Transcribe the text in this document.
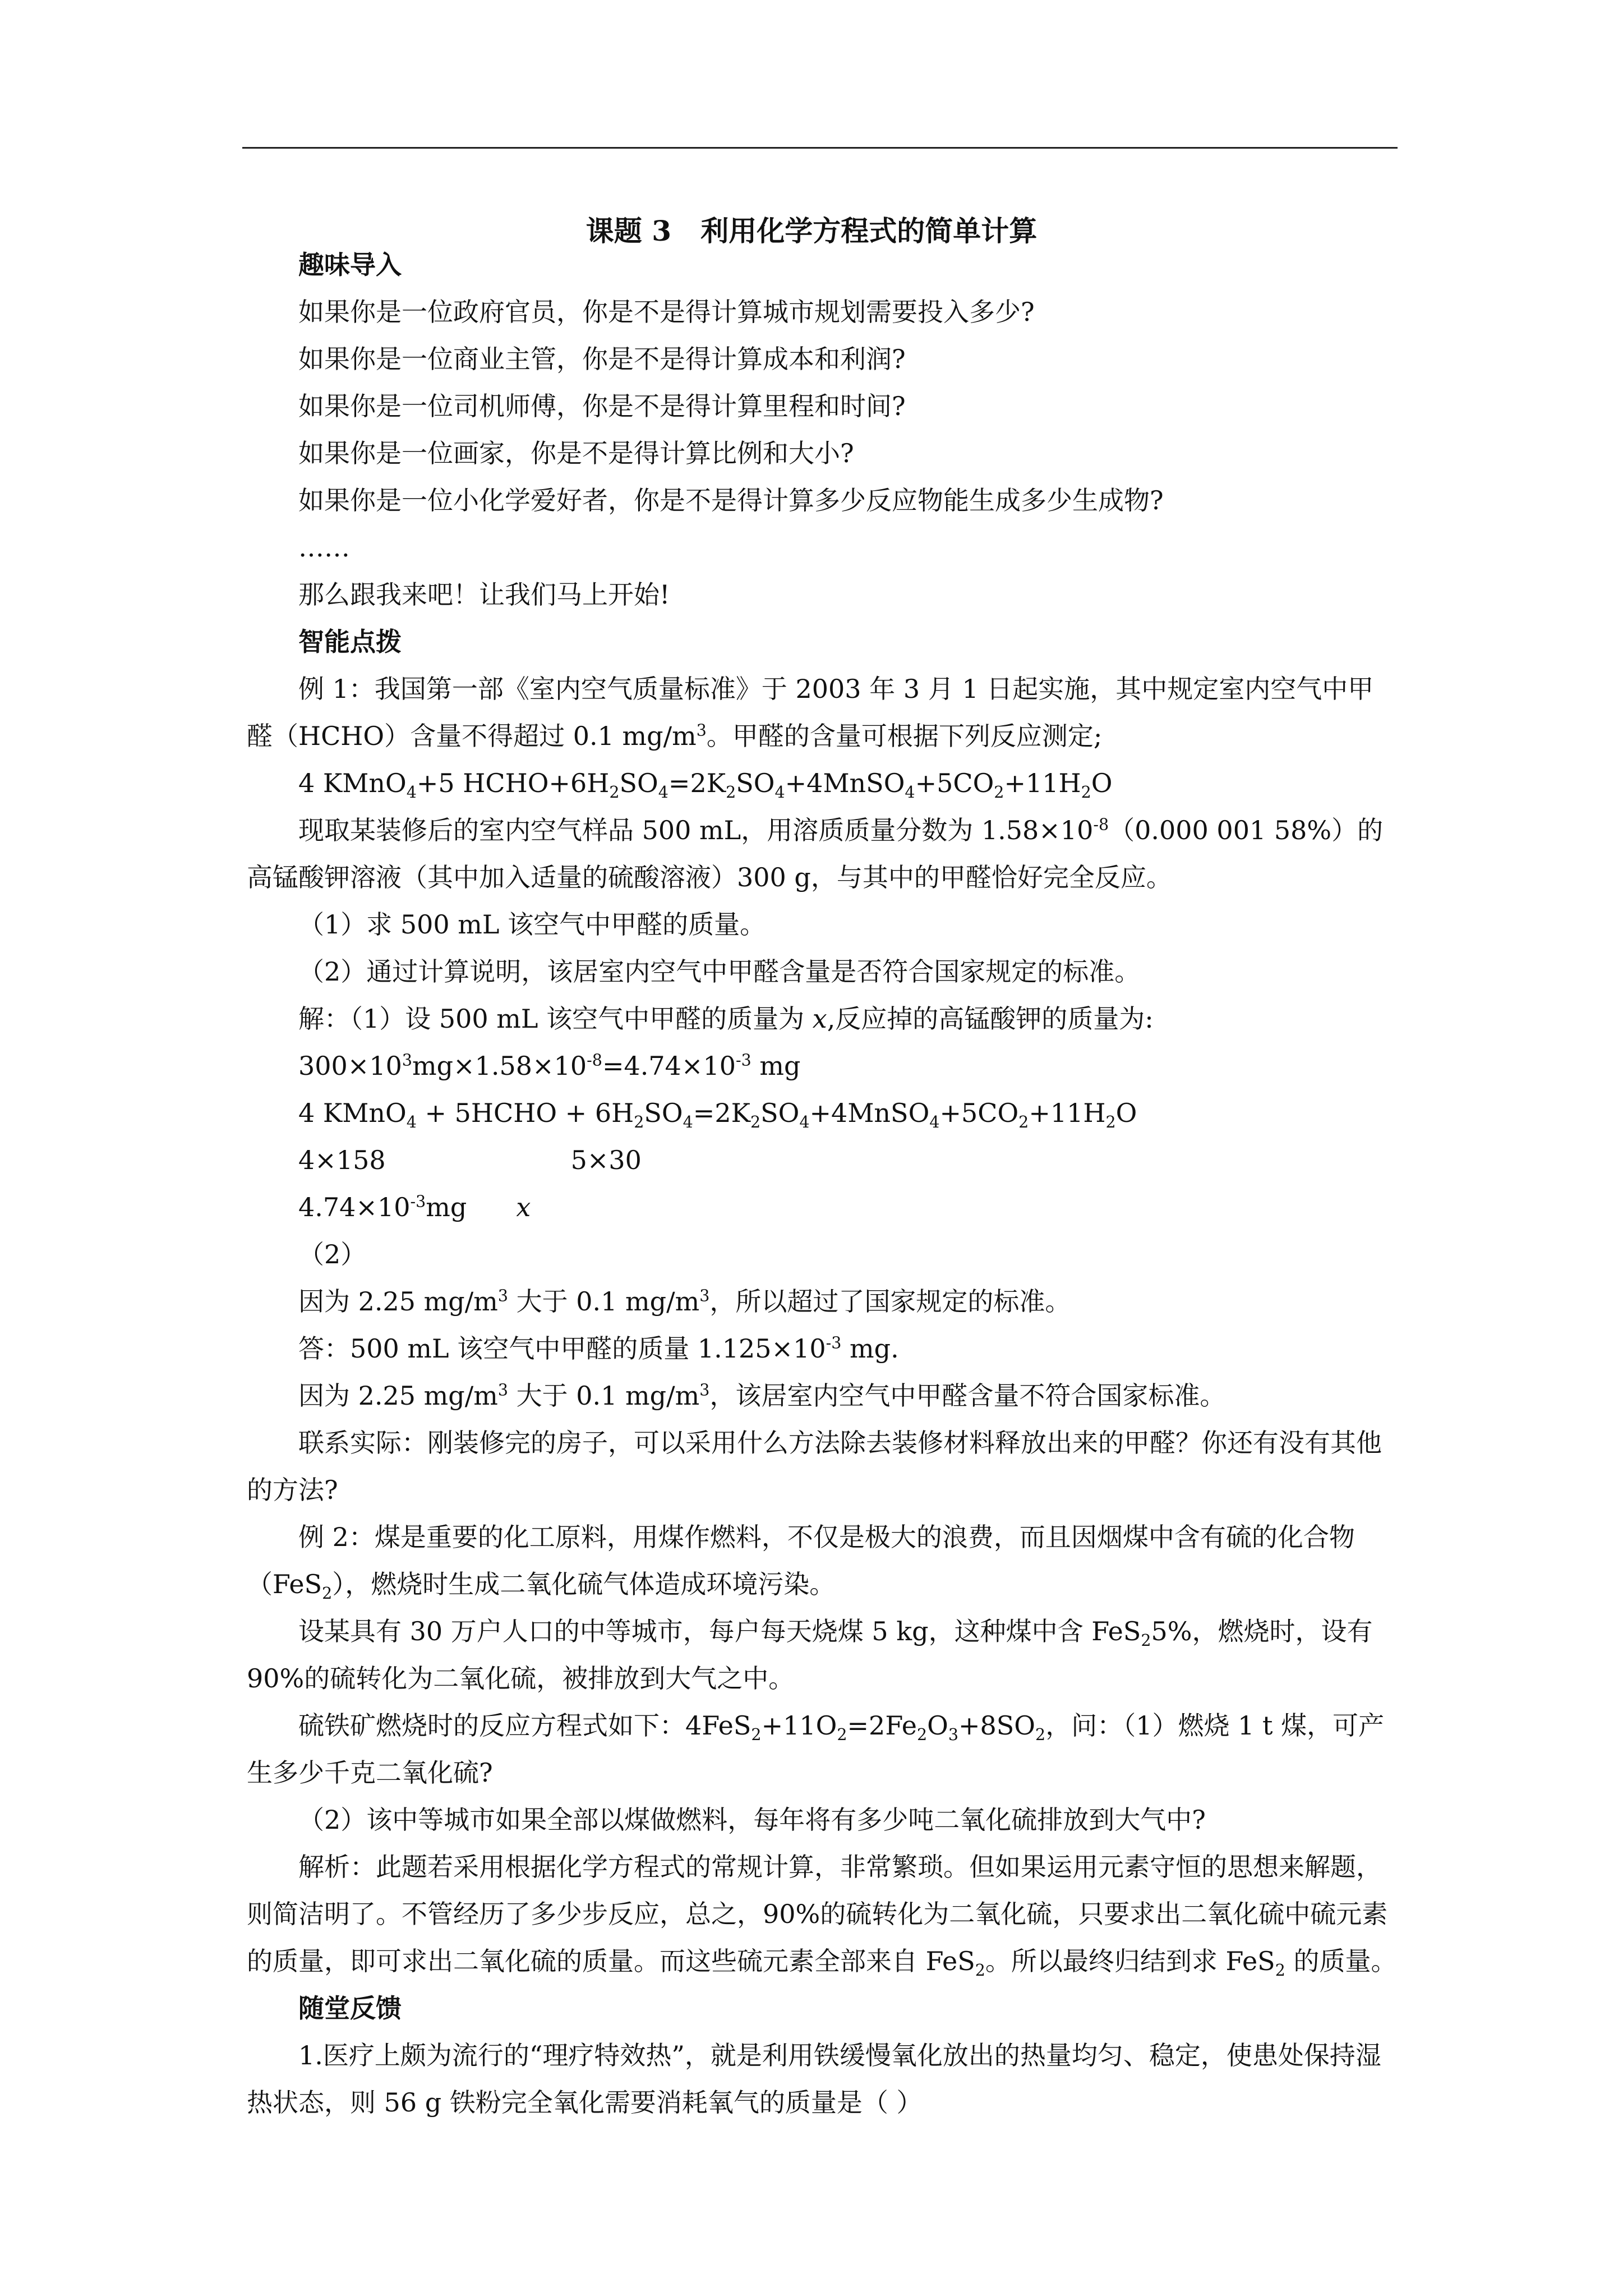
课题 3   利用化学方程式的简单计算

趣味导入

如果你是一位政府官员，你是不是得计算城市规划需要投入多少?

如果你是一位商业主管，你是不是得计算成本和利润?

如果你是一位司机师傅，你是不是得计算里程和时间?

如果你是一位画家，你是不是得计算比例和大小?

如果你是一位小化学爱好者，你是不是得计算多少反应物能生成多少生成物?

……

那么跟我来吧！让我们马上开始!

智能点拨

例 1：我国第一部《室内空气质量标准》于 2003 年 3 月 1 日起实施，其中规定室内空气中甲醛（HCHO）含量不得超过 0.1 $mg/m^3$。甲醛的含量可根据下列反应测定;

4 KMnO$_4$+5 $HCHO+6H_2SO_4=2K_2SO_4+4MnSO_4+5CO_2+11H_2O$

现取某装修后的室内空气样品 500 mL，用溶质质量分数为 $1.58\times 10^{-8}(0.000$ 001 58%）的高锰酸钾溶液（其中加入适量的硫酸溶液）300 g，与其中的甲醛恰好完全反应。

（1）求 500 mL 该空气中甲醛的质量。

（2）通过计算说明，该居室内空气中甲醛含量是否符合国家规定的标准。

解：（1）设 500 mL 该空气中甲醛的质量为 x,反应掉的高锰酸钾的质量为:

$300\times 10^3mg\times 1.58\times 10^{-8}=4.74\times 10^{-3}$ mg

4 KMnO$_4$ + 5HCHO + $6H_2SO_4=2K_2SO_4+4MnSO_4+5CO_2+11H_2O$

4×158	5×30

$4.74\times 10^{-3}mg$ x

（2）

因为 2.25 $mg/m^3$ 大于 0.1 $mg/m^3$，所以超过了国家规定的标准。

答：500 mL 该空气中甲醛的质量 $1.125\times 10^{-3}$ mg.

因为 2.25 $mg/m^3$ 大于 0.1 $mg/m^3$，该居室内空气中甲醛含量不符合国家标准。

联系实际：刚装修完的房子，可以采用什么方法除去装修材料释放出来的甲醛？你还有没有其他的方法?

例 2：煤是重要的化工原料，用煤作燃料，不仅是极大的浪费，而且因烟煤中含有硫的化合物（FeS$_2$），燃烧时生成二氧化硫气体造成环境污染。

设某具有 30 万户人口的中等城市，每户每天烧煤 5 kg，这种煤中含 FeS$_2$5%，燃烧时，设有 90%的硫转化为二氧化硫，被排放到大气之中。

硫铁矿燃烧时的反应方程式如下：$4FeS_2+11O_2=2Fe_2O_3+8SO_2$，问：（1）燃烧 1 t 煤，可产生多少千克二氧化硫?

（2）该中等城市如果全部以煤做燃料，每年将有多少吨二氧化硫排放到大气中?

解析：此题若采用根据化学方程式的常规计算，非常繁琐。但如果运用元素守恒的思想来解题，则简洁明了。不管经历了多少步反应，总之，90%的硫转化为二氧化硫，只要求出二氧化硫中硫元素的质量，即可求出二氧化硫的质量。而这些硫元素全部来自 FeS$_2$。所以最终归结到求 FeS$_2$ 的质量。

随堂反馈

1.医疗上颇为流行的“理疗特效热”，就是利用铁缓慢氧化放出的热量均匀、稳定，使患处保持湿热状态，则 56 g 铁粉完全氧化需要消耗氧气的质量是（ ）
